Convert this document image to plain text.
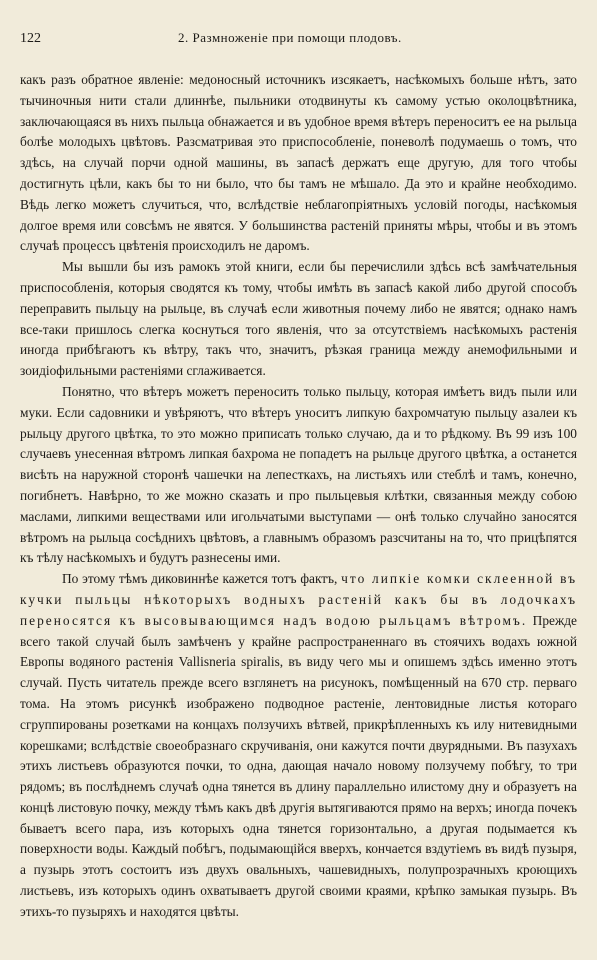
122	2. Размноженiе при помощи плодовъ.

какъ разъ обратное явленiе: медоносный источникъ изсякаетъ, насѣкомыхъ больше нѣтъ, зато тычиночныя нити стали длиннѣе, пыльники отодвинуты къ самому устью околоцвѣтника, заключающаяся въ нихъ пыльца обнажается и въ удобное время вѣтеръ переноситъ ее на рыльца болѣе молодыхъ цвѣтовъ. Разсматривая это приспособленiе, поневолѣ подумаешь о томъ, что здѣсь, на случай порчи одной машины, въ запасѣ держатъ еще другую, для того чтобы достигнуть цѣли, какъ бы то ни было, что бы тамъ не мѣшало. Да это и крайне необходимо. Вѣдь легко можетъ случиться, что, вслѣдствiе неблагопрiятныхъ условiй погоды, насѣкомыя долгое время или совсѣмъ не явятся. У большинства растенiй приняты мѣры, чтобы и въ этомъ случаѣ процессъ цвѣтенiя происходилъ не даромъ.

Мы вышли бы изъ рамокъ этой книги, если бы перечислили здѣсь всѣ замѣчательныя приспособленiя, которыя сводятся къ тому, чтобы имѣть въ запасѣ какой либо другой способъ переправить пыльцу на рыльце, въ случаѣ если животныя почему либо не явятся; однако намъ все-таки пришлось слегка коснуться того явленiя, что за отсутствiемъ насѣкомыхъ растенiя иногда прибѣгаютъ къ вѣтру, такъ что, значитъ, рѣзкая граница между анемофильными и зоидiофильными растенiями сглаживается.

Понятно, что вѣтеръ можетъ переносить только пыльцу, которая имѣетъ видъ пыли или муки. Если садовники и увѣряютъ, что вѣтеръ уноситъ липкую бахромчатую пыльцу азалеи къ рыльцу другого цвѣтка, то это можно приписать только случаю, да и то рѣдкому. Въ 99 изъ 100 случаевъ унесенная вѣтромъ липкая бахрома не попадетъ на рыльце другого цвѣтка, а останется висѣть на наружной сторонѣ чашечки на лепесткахъ, на листьяхъ или стеблѣ и тамъ, конечно, погибнетъ. Навѣрно, то же можно сказать и про пыльцевыя клѣтки, связанныя между собою маслами, липкими веществами или игольчатыми выступами — онѣ только случайно заносятся вѣтромъ на рыльца сосѣднихъ цвѣтовъ, а главнымъ образомъ разсчитаны на то, что прицѣпятся къ тѣлу насѣкомыхъ и будутъ разнесены ими.

По этому тѣмъ диковиннѣе кажется тотъ фактъ, что липкiе комки склеенной въ кучки пыльцы нѣкоторыхъ водныхъ растенiй какъ бы въ лодочкахъ переносятся къ высовывающимся надъ водою рыльцамъ вѣтромъ. Прежде всего такой случай былъ замѣченъ у крайне распространеннаго въ стоячихъ водахъ южной Европы водяного растенiя Vallisneria spiralis, въ виду чего мы и опишемъ здѣсь именно этотъ случай. Пусть читатель прежде всего взглянетъ на рисунокъ, помѣщенный на 670 стр. перваго тома. На этомъ рисункѣ изображено подводное растенiе, лентовидные листья котораго сгруппированы розетками на концахъ ползучихъ вѣтвей, прикрѣпленныхъ къ илу нитевидными корешками; вслѣдствiе своеобразнаго скручиванiя, они кажутся почти двурядными. Въ пазухахъ этихъ листьевъ образуются почки, то одна, дающая начало новому ползучему побѣгу, то три рядомъ; въ послѣднемъ случаѣ одна тянется въ длину параллельно илистому дну и образуетъ на концѣ листовую почку, между тѣмъ какъ двѣ другiя вытягиваются прямо на верхъ; иногда почекъ бываетъ всего пара, изъ которыхъ одна тянется горизонтально, а другая подымается къ поверхности воды. Каждый побѣгъ, подымающiйся вверхъ, кончается вздутiемъ въ видѣ пузыря, а пузырь этотъ состоитъ изъ двухъ овальныхъ, чашевидныхъ, полупрозрачныхъ кроющихъ листьевъ, изъ которыхъ одинъ охватываетъ другой своими краями, крѣпко замыкая пузырь. Въ этихъ-то пузыряхъ и находятся цвѣты.
